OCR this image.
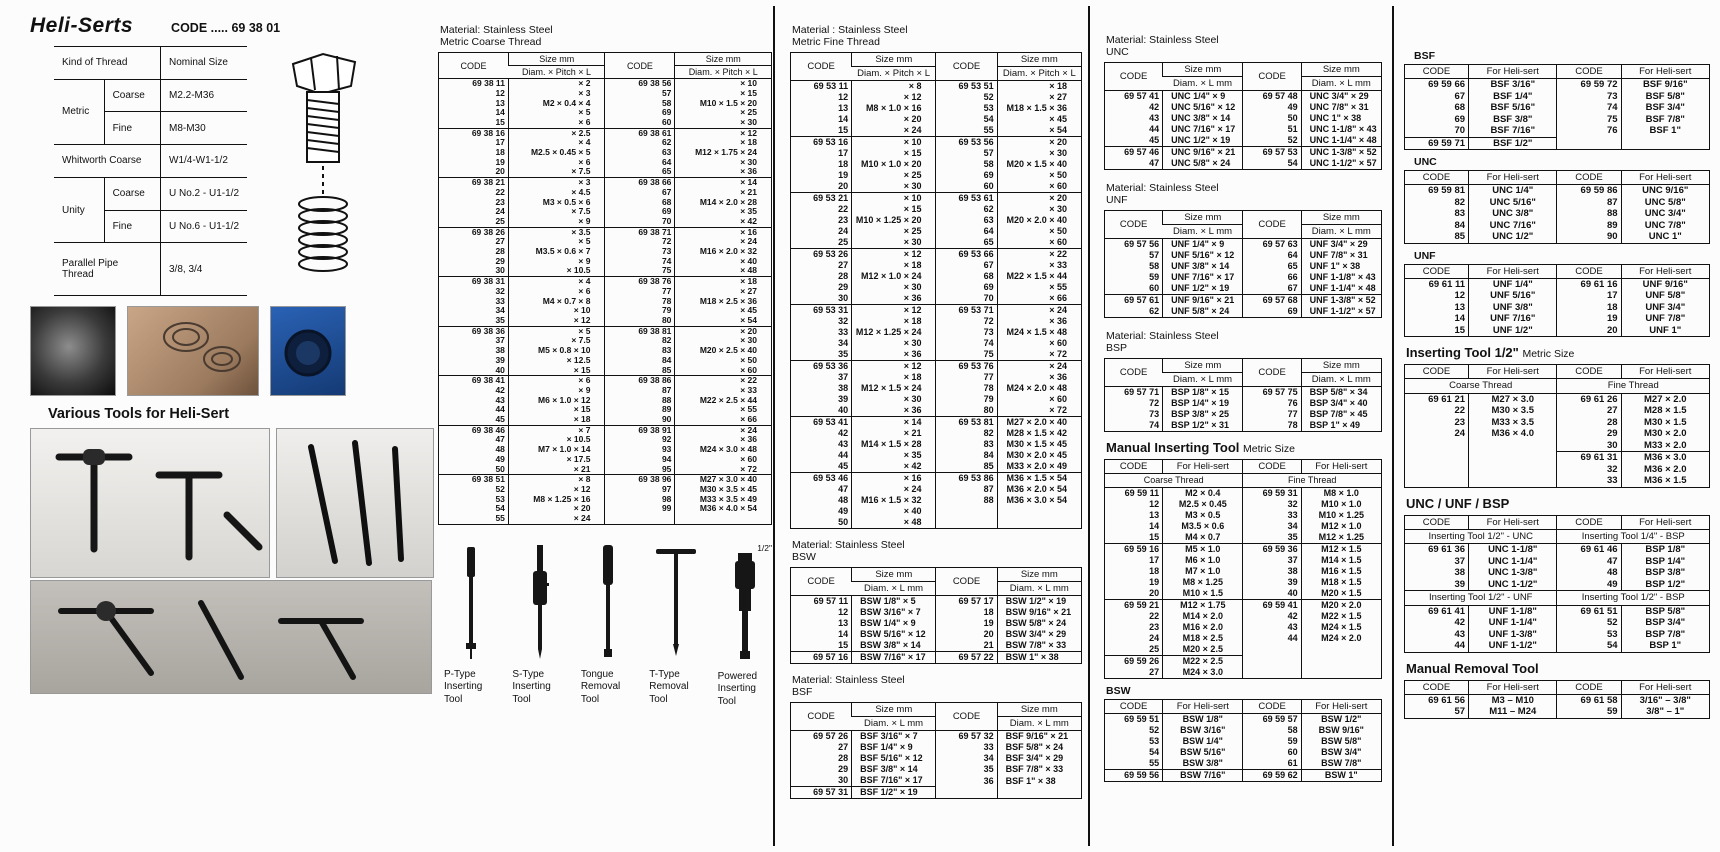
Heli-Serts	CODE ..... 69 38 01
Kind of Thread		Nominal Size
Metric	Coarse	M2.2-M36
	Fine	M8-M30
Whitworth Coarse		W1/4-W1-1/2
Unity	Coarse	U No.2 - U1-1/2
	Fine	U No.6 - U1-1/2
Parallel Pipe Thread		3/8, 3/4
Various Tools for Heli-Sert
Material: Stainless Steel
Metric Coarse Thread
CODE	Size mm	CODE	Size mm
	Diam. × Pitch × L		Diam. × Pitch × L
69 38 11	× 2	69 38 56	× 10
12	× 3	57	× 15
13	M2 × 0.4 × 4	58	M10 × 1.5 × 20
14	× 5	69	× 25
15	× 6	60	× 30
69 38 16	× 2.5	69 38 61	× 12
17	× 4	62	× 18
18	M2.5 × 0.45 × 5	63	M12 × 1.75 × 24
19	× 6	64	× 30
20	× 7.5	65	× 36
69 38 21	× 3	69 38 66	× 14
22	× 4.5	67	× 21
23	M3 × 0.5 × 6	68	M14 × 2.0 × 28
24	× 7.5	69	× 35
25	× 9	70	× 42
69 38 26	× 3.5	69 38 71	× 16
27	× 5	72	× 24
28	M3.5 × 0.6 × 7	73	M16 × 2.0 × 32
29	× 9	74	× 40
30	× 10.5	75	× 48
69 38 31	× 4	69 38 76	× 18
32	× 6	77	× 27
33	M4 × 0.7 × 8	78	M18 × 2.5 × 36
34	× 10	79	× 45
35	× 12	80	× 54
69 38 36	× 5	69 38 81	× 20
37	× 7.5	82	× 30
38	M5 × 0.8 × 10	83	M20 × 2.5 × 40
39	× 12.5	84	× 50
40	× 15	85	× 60
69 38 41	× 6	69 38 86	× 22
42	× 9	87	× 33
43	M6 × 1.0 × 12	88	M22 × 2.5 × 44
44	× 15	89	× 55
45	× 18	90	× 66
69 38 46	× 7	69 38 91	× 24
47	× 10.5	92	× 36
48	M7 × 1.0 × 14	93	M24 × 3.0 × 48
49	× 17.5	94	× 60
50	× 21	95	× 72
69 38 51	× 8	69 38 96	M27 × 3.0 × 40
52	× 12	97	M30 × 3.5 × 45
53	M8 × 1.25 × 16	98	M33 × 3.5 × 49
54	× 20	99	M36 × 4.0 × 54
55	× 24		
P-Type Inserting Tool
S-Type Inserting Tool
Tongue Removal Tool
T-Type Removal Tool
1/2"
Powered Inserting Tool
Material : Stainless Steel
Metric Fine Thread
CODE	Size mm	CODE	Size mm
	Diam. × Pitch × L		Diam. × Pitch × L
69 53 11	× 8	69 53 51	× 18
12	× 12	52	× 27
13	M8 × 1.0 × 16	53	M18 × 1.5 × 36
14	× 20	54	× 45
15	× 24	55	× 54
69 53 16	× 10	69 53 56	× 20
17	× 15	57	× 30
18	M10 × 1.0 × 20	58	M20 × 1.5 × 40
19	× 25	69	× 50
20	× 30	60	× 60
69 53 21	× 10	69 53 61	× 20
22	× 15	62	× 30
23	M10 × 1.25 × 20	63	M20 × 2.0 × 40
24	× 25	64	× 50
25	× 30	65	× 60
69 53 26	× 12	69 53 66	× 22
27	× 18	67	× 33
28	M12 × 1.0 × 24	68	M22 × 1.5 × 44
29	× 30	69	× 55
30	× 36	70	× 66
69 53 31	× 12	69 53 71	× 24
32	× 18	72	× 36
33	M12 × 1.25 × 24	73	M24 × 1.5 × 48
34	× 30	74	× 60
35	× 36	75	× 72
69 53 36	× 12	69 53 76	× 24
37	× 18	77	× 36
38	M12 × 1.5 × 24	78	M24 × 2.0 × 48
39	× 30	79	× 60
40	× 36	80	× 72
69 53 41	× 14	69 53 81	M27 × 2.0 × 40
42	× 21	82	M28 × 1.5 × 42
43	M14 × 1.5 × 28	83	M30 × 1.5 × 45
44	× 35	84	M30 × 2.0 × 45
45	× 42	85	M33 × 2.0 × 49
69 53 46	× 16	69 53 86	M36 × 1.5 × 54
47	× 24	87	M36 × 2.0 × 54
48	M16 × 1.5 × 32	88	M36 × 3.0 × 54
49	× 40		
50	× 48		
Material: Stainless Steel
BSW
CODE	Size mm	CODE	Size mm
	Diam. × L mm		Diam. × L mm
69 57 11	BSW 1/8" × 5	69 57 17	BSW 1/2" × 19
12	BSW 3/16" × 7	18	BSW 9/16" × 21
13	BSW 1/4" × 9	19	BSW 5/8" × 24
14	BSW 5/16" × 12	20	BSW 3/4" × 29
15	BSW 3/8" × 14	21	BSW 7/8" × 33
69 57 16	BSW 7/16" × 17	69 57 22	BSW 1" × 38
Material: Stainless Steel
BSF
CODE	Size mm	CODE	Size mm
	Diam. × L mm		Diam. × L mm
69 57 26	BSF 3/16" × 7	69 57 32	BSF 9/16" × 21
27	BSF 1/4" × 9	33	BSF 5/8" × 24
28	BSF 5/16" × 12	34	BSF 3/4" × 29
29	BSF 3/8" × 14	35	BSF 7/8" × 33
30	BSF 7/16" × 17	36	BSF 1" × 38
69 57 31	BSF 1/2" × 19		
Material: Stainless Steel
UNC
CODE	Size mm	CODE	Size mm
	Diam. × L mm		Diam. × L mm
69 57 41	UNC 1/4" × 9	69 57 48	UNC 3/4" × 29
42	UNC 5/16" × 12	49	UNC 7/8" × 31
43	UNC 3/8" × 14	50	UNC 1" × 38
44	UNC 7/16" × 17	51	UNC 1-1/8" × 43
45	UNC 1/2" × 19	52	UNC 1-1/4" × 48
69 57 46	UNC 9/16" × 21	69 57 53	UNC 1-3/8" × 52
47	UNC 5/8" × 24	54	UNC 1-1/2" × 57
Material: Stainless Steel
UNF
CODE	Size mm	CODE	Size mm
	Diam. × L mm		Diam. × L mm
69 57 56	UNF 1/4" × 9	69 57 63	UNF 3/4" × 29
57	UNF 5/16" × 12	64	UNF 7/8" × 31
58	UNF 3/8" × 14	65	UNF 1" × 38
59	UNF 7/16" × 17	66	UNF 1-1/8" × 43
60	UNF 1/2" × 19	67	UNF 1-1/4" × 48
69 57 61	UNF 9/16" × 21	69 57 68	UNF 1-3/8" × 52
62	UNF 5/8" × 24	69	UNF 1-1/2" × 57
Material: Stainless Steel
BSP
CODE	Size mm	CODE	Size mm
	Diam. × L mm		Diam. × L mm
69 57 71	BSP 1/8" × 15	69 57 75	BSP 5/8" × 34
72	BSP 1/4" × 19	76	BSP 3/4" × 40
73	BSP 3/8" × 25	77	BSP 7/8" × 45
74	BSP 1/2" × 31	78	BSP 1" × 49
Manual Inserting Tool Metric Size
CODE	For Heli-sert	CODE	For Heli-sert
Coarse Thread		Fine Thread	
69 59 11	M2 × 0.4	69 59 31	M8 × 1.0
12	M2.5 × 0.45	32	M10 × 1.0
13	M3 × 0.5	33	M10 × 1.25
14	M3.5 × 0.6	34	M12 × 1.0
15	M4 × 0.7	35	M12 × 1.25
69 59 16	M5 × 1.0	69 59 36	M12 × 1.5
17	M6 × 1.0	37	M14 × 1.5
18	M7 × 1.0	38	M16 × 1.5
19	M8 × 1.25	39	M18 × 1.5
20	M10 × 1.5	40	M20 × 1.5
69 59 21	M12 × 1.75	69 59 41	M20 × 2.0
22	M14 × 2.0	42	M22 × 1.5
23	M16 × 2.0	43	M24 × 1.5
24	M18 × 2.5	44	M24 × 2.0
25	M20 × 2.5		
69 59 26	M22 × 2.5		
27	M24 × 3.0		
BSW
CODE	For Heli-sert	CODE	For Heli-sert
69 59 51	BSW 1/8"	69 59 57	BSW 1/2"
52	BSW 3/16"	58	BSW 9/16"
53	BSW 1/4"	59	BSW 5/8"
54	BSW 5/16"	60	BSW 3/4"
55	BSW 3/8"	61	BSW 7/8"
69 59 56	BSW 7/16"	69 59 62	BSW 1"
BSF
CODE	For Heli-sert	CODE	For Heli-sert
69 59 66	BSF 3/16"	69 59 72	BSF 9/16"
67	BSF 1/4"	73	BSF 5/8"
68	BSF 5/16"	74	BSF 3/4"
69	BSF 3/8"	75	BSF 7/8"
70	BSF 7/16"	76	BSF 1"
69 59 71	BSF 1/2"		
UNC
CODE	For Heli-sert	CODE	For Heli-sert
69 59 81	UNC 1/4"	69 59 86	UNC 9/16"
82	UNC 5/16"	87	UNC 5/8"
83	UNC 3/8"	88	UNC 3/4"
84	UNC 7/16"	89	UNC 7/8"
85	UNC 1/2"	90	UNC 1"
UNF
CODE	For Heli-sert	CODE	For Heli-sert
69 61 11	UNF 1/4"	69 61 16	UNF 9/16"
12	UNF 5/16"	17	UNF 5/8"
13	UNF 3/8"	18	UNF 3/4"
14	UNF 7/16"	19	UNF 7/8"
15	UNF 1/2"	20	UNF 1"
Inserting Tool 1/2" Metric Size
CODE	For Heli-sert	CODE	For Heli-sert
Coarse Thread		Fine Thread	
69 61 21	M27 × 3.0	69 61 26	M27 × 2.0
22	M30 × 3.5	27	M28 × 1.5
23	M33 × 3.5	28	M30 × 1.5
24	M36 × 4.0	29	M30 × 2.0
		30	M33 × 2.0
		69 61 31	M36 × 3.0
		32	M36 × 2.0
		33	M36 × 1.5
UNC / UNF / BSP
CODE	For Heli-sert	CODE	For Heli-sert
Inserting Tool 1/2" - UNC		Inserting Tool 1/4" - BSP	
69 61 36	UNC 1-1/8"	69 61 46	BSP 1/8"
37	UNC 1-1/4"	47	BSP 1/4"
38	UNC 1-3/8"	48	BSP 3/8"
39	UNC 1-1/2"	49	BSP 1/2"
Inserting Tool 1/2" - UNF		Inserting Tool 1/2" - BSP	
69 61 41	UNF 1-1/8"	69 61 51	BSP 5/8"
42	UNF 1-1/4"	52	BSP 3/4"
43	UNF 1-3/8"	53	BSP 7/8"
44	UNF 1-1/2"	54	BSP 1"
Manual Removal Tool
CODE	For Heli-sert	CODE	For Heli-sert
69 61 56	M3 – M10	69 61 58	3/16" – 3/8"
57	M11 – M24	59	3/8" – 1"
